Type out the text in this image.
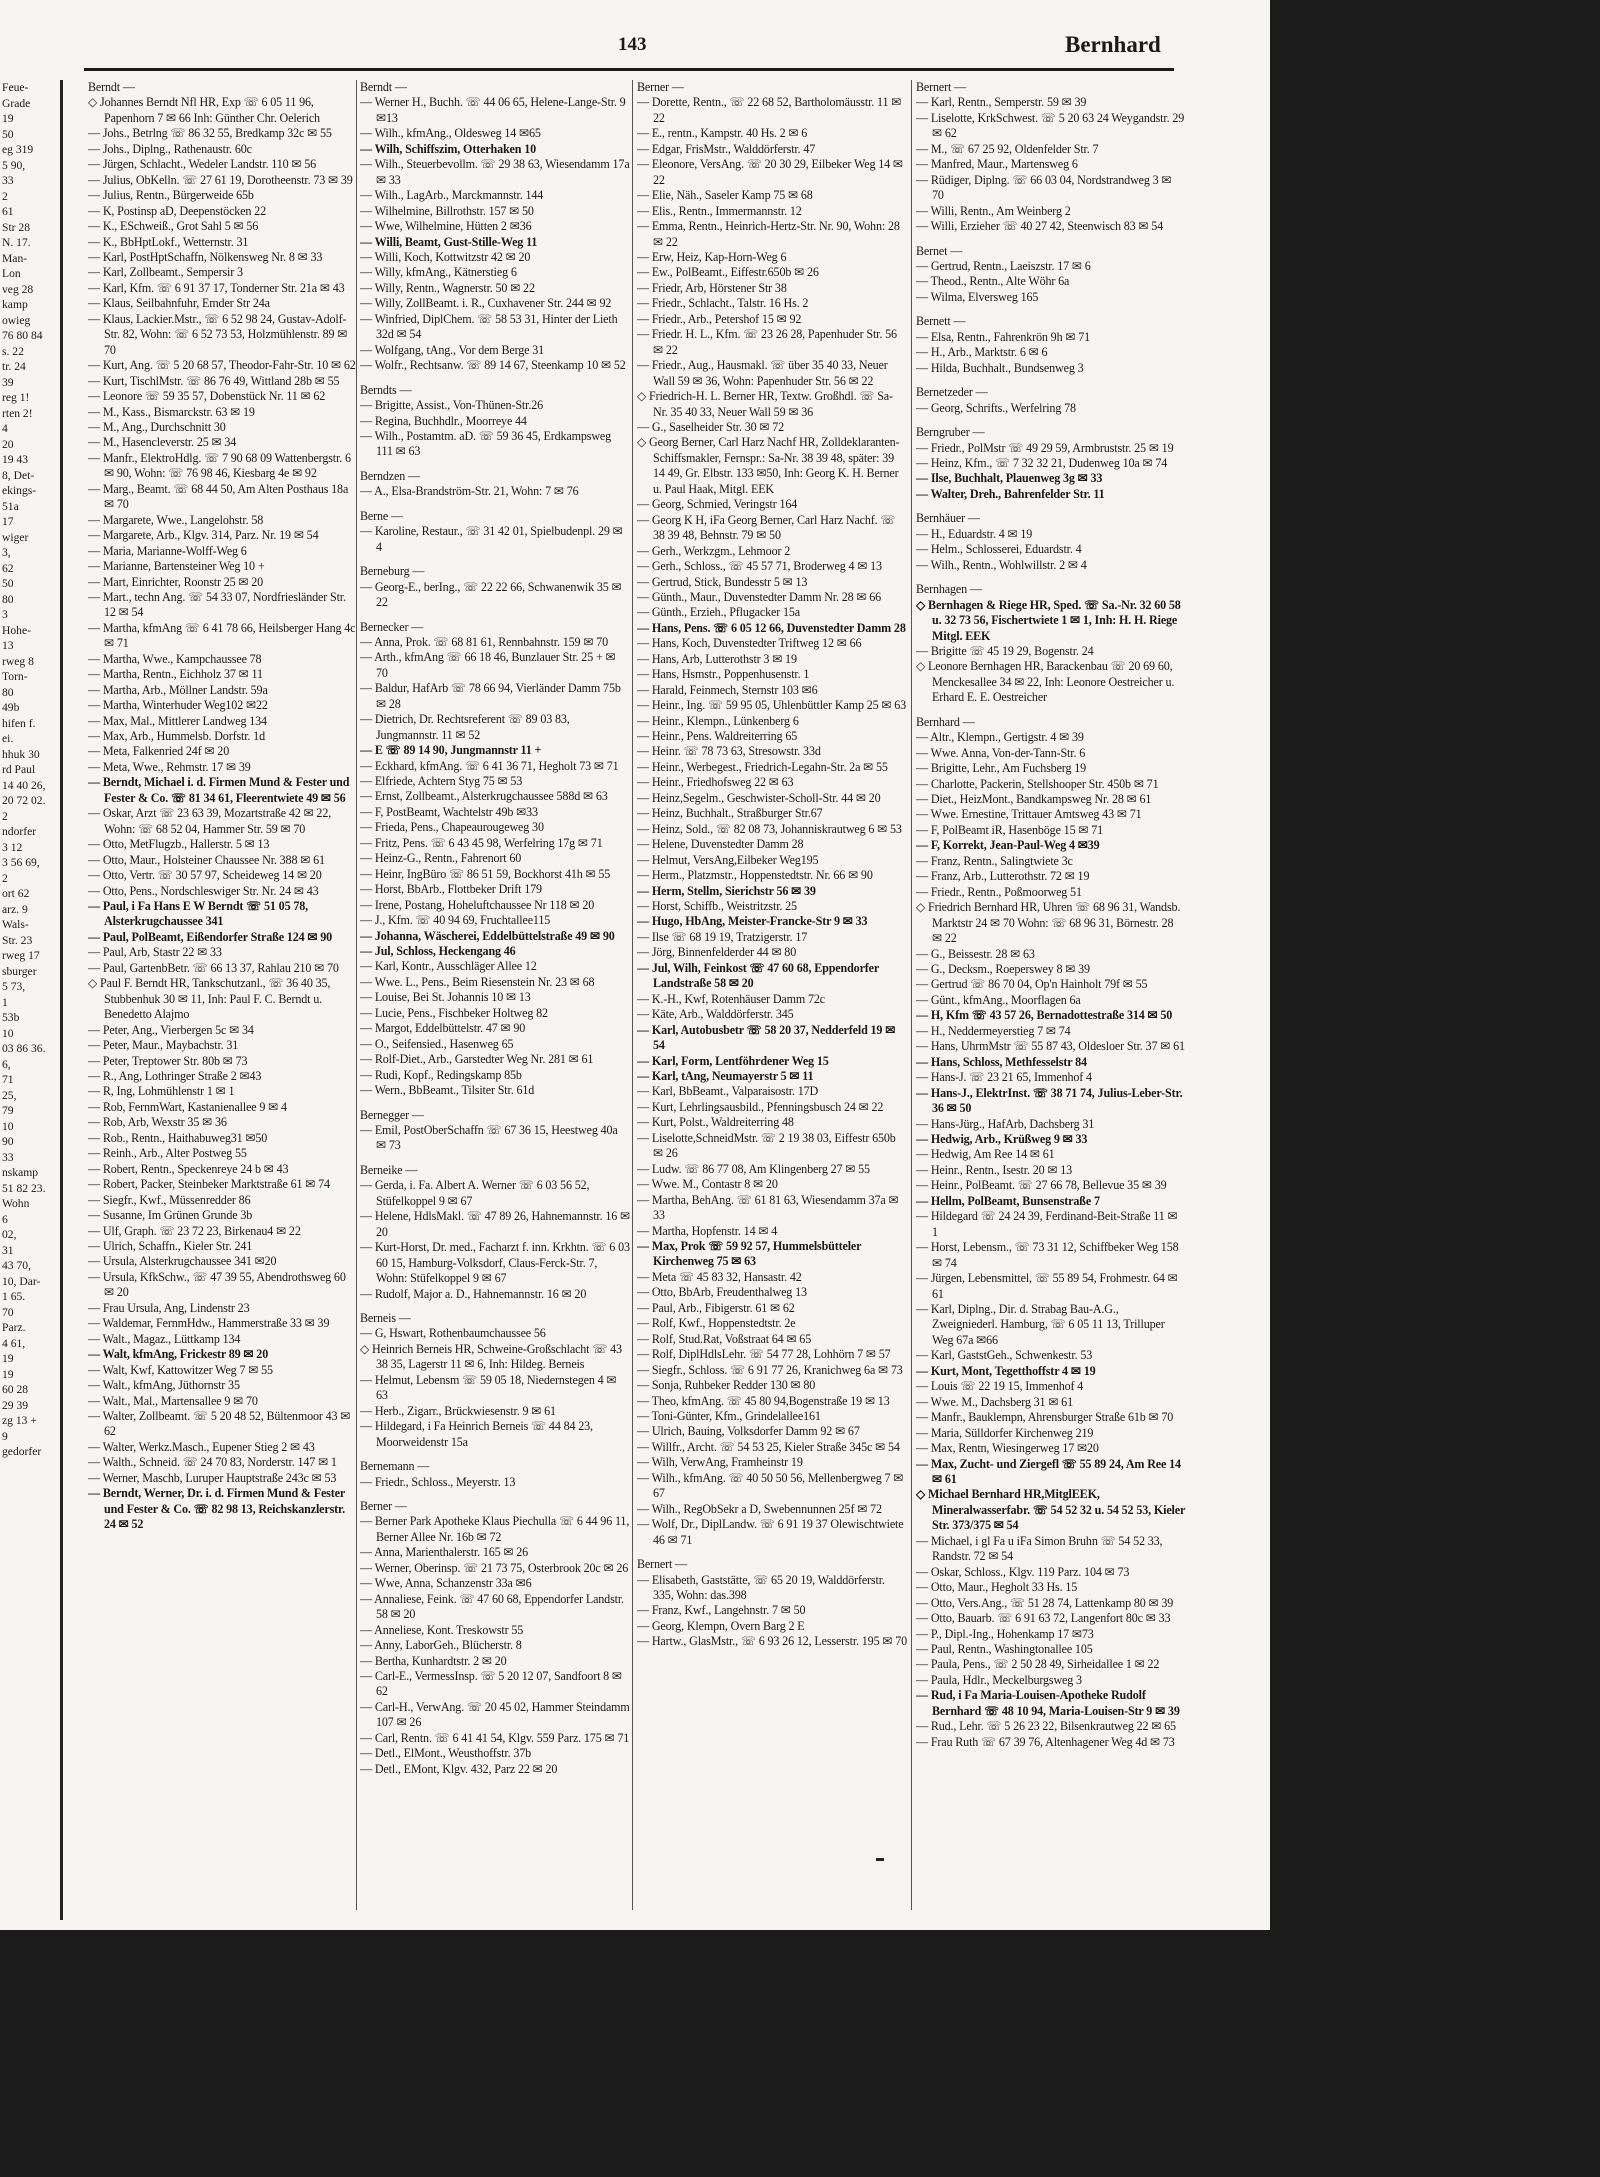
Feue-
Grade
19
50
eg 319
5 90,
33
2
61
Str 28
N. 17.
Man-
Lon
veg 28
kamp
owieg
76 80 84
s. 22
tr. 24
39
reg 1!
rten 2!
4
20
19 43
8, Det-
ekings-
51a
17
wiger
3,
62
50
80
3
Hohe-
13
rweg 8
Torn-
80
49b
hifen f.
ei.
hhuk 30
rd Paul
14 40 26,
20 72 02.
2
ndorfer
3 12
3 56 69,
2
ort 62
arz. 9
Wals-
Str. 23
rweg 17
sburger
5 73,
1
53b
10
03 86 36.
6,
71
25,
79
10
90
33
nskamp
51 82 23.
Wohn
6
02,
31
43 70,
10, Dar-
1 65.
70
Parz.
4 61,
19
19
60 28
29 39
zg 13 +
9
gedorfer
143	Bernhard
Berndt —
◇ Johannes Berndt Nfl HR, Exp ☏ 6 05 11 96, Papenhorn 7 ✉ 66 Inh: Günther Chr. Oelerich
— Johs., Betrlng ☏ 86 32 55, Bredkamp 32c ✉ 55
— Johs., Diplng., Rathenaustr. 60c
— Jürgen, Schlacht., Wedeler Landstr. 110 ✉ 56
— Julius, ObKelln. ☏ 27 61 19, Dorotheenstr. 73 ✉ 39
— Julius, Rentn., Bürgerweide 65b
— K, Postinsp aD, Deepenstöcken 22
— K., ESchweiß., Grot Sahl 5 ✉ 56
— K., BbHptLokf., Wetternstr. 31
— Karl, PostHptSchaffn, Nölkensweg Nr. 8 ✉ 33
— Karl, Zollbeamt., Sempersir 3
— Karl, Kfm. ☏ 6 91 37 17, Tonderner Str. 21a ✉ 43
— Klaus, Seilbahnfuhr, Emder Str 24a
— Klaus, Lackier.Mstr., ☏ 6 52 98 24, Gustav-Adolf-Str. 82, Wohn: ☏ 6 52 73 53, Holzmühlenstr. 89 ✉ 70
— Kurt, Ang. ☏ 5 20 68 57, Theodor-Fahr-Str. 10 ✉ 62
— Kurt, TischlMstr. ☏ 86 76 49, Wittland 28b ✉ 55
— Leonore ☏ 59 35 57, Dobenstück Nr. 11 ✉ 62
— M., Kass., Bismarckstr. 63 ✉ 19
— M., Ang., Durchschnitt 30
— M., Hasencleverstr. 25 ✉ 34
— Manfr., ElektroHdlg. ☏ 7 90 68 09 Wattenbergstr. 6 ✉ 90, Wohn: ☏ 76 98 46, Kiesbarg 4e ✉ 92
— Marg., Beamt. ☏ 68 44 50, Am Alten Posthaus 18a ✉ 70
— Margarete, Wwe., Langelohstr. 58
— Margarete, Arb., Klgv. 314, Parz. Nr. 19 ✉ 54
— Maria, Marianne-Wolff-Weg 6
— Marianne, Bartensteiner Weg 10 +
— Mart, Einrichter, Roonstr 25 ✉ 20
— Mart., techn Ang. ☏ 54 33 07, Nordfriesländer Str. 12 ✉ 54
— Martha, kfmAng ☏ 6 41 78 66, Heilsberger Hang 4c ✉ 71
— Martha, Wwe., Kampchaussee 78
— Martha, Rentn., Eichholz 37 ✉ 11
— Martha, Arb., Möllner Landstr. 59a
— Martha, Winterhuder Weg102 ✉22
— Max, Mal., Mittlerer Landweg 134
— Max, Arb., Hummelsb. Dorfstr. 1d
— Meta, Falkenried 24f ✉ 20
— Meta, Wwe., Rehmstr. 17 ✉ 39
— Berndt, Michael i. d. Firmen Mund & Fester und Fester & Co. ☏ 81 34 61, Fleerentwiete 49 ✉ 56
— Oskar, Arzt ☏ 23 63 39, Mozartstraße 42 ✉ 22, Wohn: ☏ 68 52 04, Hammer Str. 59 ✉ 70
— Otto, MetFlugzb., Hallerstr. 5 ✉ 13
— Otto, Maur., Holsteiner Chaussee Nr. 388 ✉ 61
— Otto, Vertr. ☏ 30 57 97, Scheideweg 14 ✉ 20
— Otto, Pens., Nordschleswiger Str. Nr. 24 ✉ 43
— Paul, i Fa Hans E W Berndt ☏ 51 05 78, Alsterkrugchaussee 341
— Paul, PolBeamt, Eißendorfer Straße 124 ✉ 90
— Paul, Arb, Stastr 22 ✉ 33
— Paul, GartenbBetr. ☏ 66 13 37, Rahlau 210 ✉ 70
◇ Paul F. Berndt HR, Tankschutzanl., ☏ 36 40 35, Stubbenhuk 30 ✉ 11, Inh: Paul F. C. Berndt u. Benedetto Alajmo
— Peter, Ang., Vierbergen 5c ✉ 34
— Peter, Maur., Maybachstr. 31
— Peter, Treptower Str. 80b ✉ 73
— R., Ang, Lothringer Straße 2 ✉43
— R, Ing, Lohmühlenstr 1 ✉ 1
— Rob, FernmWart, Kastanienallee 9 ✉ 4
— Rob, Arb, Wexstr 35 ✉ 36
— Rob., Rentn., Haithabuweg31 ✉50
— Reinh., Arb., Alter Postweg 55
— Robert, Rentn., Speckenreye 24 b ✉ 43
— Robert, Packer, Steinbeker Marktstraße 61 ✉ 74
— Siegfr., Kwf., Müssenredder 86
— Susanne, Im Grünen Grunde 3b
— Ulf, Graph. ☏ 23 72 23, Birkenau4 ✉ 22
— Ulrich, Schaffn., Kieler Str. 241
— Ursula, Alsterkrugchaussee 341 ✉20
— Ursula, KfkSchw., ☏ 47 39 55, Abendrothsweg 60 ✉ 20
— Frau Ursula, Ang, Lindenstr 23
— Waldemar, FernmHdw., Hammerstraße 33 ✉ 39
— Walt., Magaz., Lüttkamp 134
— Walt, kfmAng, Frickestr 89 ✉ 20
— Walt, Kwf, Kattowitzer Weg 7 ✉ 55
— Walt., kfmAng, Jüthornstr 35
— Walt., Mal., Martensallee 9 ✉ 70
— Walter, Zollbeamt. ☏ 5 20 48 52, Bültenmoor 43 ✉ 62
— Walter, Werkz.Masch., Eupener Stieg 2 ✉ 43
— Walth., Schneid. ☏ 24 70 83, Norderstr. 147 ✉ 1
— Werner, Maschb, Luruper Hauptstraße 243c ✉ 53
— Berndt, Werner, Dr. i. d. Firmen Mund & Fester und Fester & Co. ☏ 82 98 13, Reichskanzlerstr. 24 ✉ 52
Berndt —
— Werner H., Buchh. ☏ 44 06 65, Helene-Lange-Str. 9 ✉13
— Wilh., kfmAng., Oldesweg 14 ✉65
— Wilh, Schiffszim, Otterhaken 10
— Wilh., Steuerbevollm. ☏ 29 38 63, Wiesendamm 17a ✉ 33
— Wilh., LagArb., Marckmannstr. 144
— Wilhelmine, Billrothstr. 157 ✉ 50
— Wwe, Wilhelmine, Hütten 2 ✉36
— Willi, Beamt, Gust-Stille-Weg 11
— Willi, Koch, Kottwitzstr 42 ✉ 20
— Willy, kfmAng., Kätnerstieg 6
— Willy, Rentn., Wagnerstr. 50 ✉ 22
— Willy, ZollBeamt. i. R., Cuxhavener Str. 244 ✉ 92
— Winfried, DiplChem. ☏ 58 53 31, Hinter der Lieth 32d ✉ 54
— Wolfgang, tAng., Vor dem Berge 31
— Wolfr., Rechtsanw. ☏ 89 14 67, Steenkamp 10 ✉ 52
Berndts —
— Brigitte, Assist., Von-Thünen-Str.26
— Regina, Buchhdlr., Moorreye 44
— Wilh., Postamtm. aD. ☏ 59 36 45, Erdkampsweg 111 ✉ 63
Berndzen —
— A., Elsa-Brandström-Str. 21, Wohn: 7 ✉ 76
Berne —
— Karoline, Restaur., ☏ 31 42 01, Spielbudenpl. 29 ✉ 4
Berneburg —
— Georg-E., berIng., ☏ 22 22 66, Schwanenwik 35 ✉ 22
Bernecker —
— Anna, Prok. ☏ 68 81 61, Rennbahnstr. 159 ✉ 70
— Arth., kfmAng ☏ 66 18 46, Bunzlauer Str. 25 + ✉ 70
— Baldur, HafArb ☏ 78 66 94, Vierländer Damm 75b ✉ 28
— Dietrich, Dr. Rechtsreferent ☏ 89 03 83, Jungmannstr. 11 ✉ 52
— E ☏ 89 14 90, Jungmannstr 11 +
— Eckhard, kfmAng. ☏ 6 41 36 71, Hegholt 73 ✉ 71
— Elfriede, Achtern Styg 75 ✉ 53
— Ernst, Zollbeamt., Alsterkrugchaussee 588d ✉ 63
— F, PostBeamt, Wachtelstr 49b ✉33
— Frieda, Pens., Chapeaurougeweg 30
— Fritz, Pens. ☏ 6 43 45 98, Werfelring 17g ✉ 71
— Heinz-G., Rentn., Fahrenort 60
— Heinr, IngBüro ☏ 86 51 59, Bockhorst 41h ✉ 55
— Horst, BbArb., Flottbeker Drift 179
— Irene, Postang, Hoheluftchaussee Nr 118 ✉ 20
— J., Kfm. ☏ 40 94 69, Fruchtallee115
— Johanna, Wäscherei, Eddelbüttelstraße 49 ✉ 90
— Jul, Schloss, Heckengang 46
— Karl, Kontr., Ausschläger Allee 12
— Wwe. L., Pens., Beim Riesenstein Nr. 23 ✉ 68
— Louise, Bei St. Johannis 10 ✉ 13
— Lucie, Pens., Fischbeker Holtweg 82
— Margot, Eddelbüttelstr. 47 ✉ 90
— O., Seifensied., Hasenweg 65
— Rolf-Diet., Arb., Garstedter Weg Nr. 281 ✉ 61
— Rudi, Kopf., Redingskamp 85b
— Wern., BbBeamt., Tilsiter Str. 61d
Bernegger —
— Emil, PostOberSchaffn ☏ 67 36 15, Heestweg 40a ✉ 73
Berneike —
— Gerda, i. Fa. Albert A. Werner ☏ 6 03 56 52, Stüfelkoppel 9 ✉ 67
— Helene, HdlsMakl. ☏ 47 89 26, Hahnemannstr. 16 ✉ 20
— Kurt-Horst, Dr. med., Facharzt f. inn. Krkhtn. ☏ 6 03 60 15, Hamburg-Volksdorf, Claus-Ferck-Str. 7, Wohn: Stüfelkoppel 9 ✉ 67
— Rudolf, Major a. D., Hahnemannstr. 16 ✉ 20
Berneis —
— G, Hswart, Rothenbaumchaussee 56
◇ Heinrich Berneis HR, Schweine-Großschlacht ☏ 43 38 35, Lagerstr 11 ✉ 6, Inh: Hildeg. Berneis
— Helmut, Lebensm ☏ 59 05 18, Niedernstegen 4 ✉ 63
— Herb., Zigarr., Brückwiesenstr. 9 ✉ 61
— Hildegard, i Fa Heinrich Berneis ☏ 44 84 23, Moorweidenstr 15a
Bernemann —
— Friedr., Schloss., Meyerstr. 13
Berner —
— Berner Park Apotheke Klaus Piechulla ☏ 6 44 96 11, Berner Allee Nr. 16b ✉ 72
— Anna, Marienthalerstr. 165 ✉ 26
— Werner, Oberinsp. ☏ 21 73 75, Osterbrook 20c ✉ 26
— Wwe, Anna, Schanzenstr 33a ✉6
— Annaliese, Feink. ☏ 47 60 68, Eppendorfer Landstr. 58 ✉ 20
— Anneliese, Kont. Treskowstr 55
— Anny, LaborGeh., Blücherstr. 8
— Bertha, Kunhardtstr. 2 ✉ 20
— Carl-E., VermessInsp. ☏ 5 20 12 07, Sandfoort 8 ✉ 62
— Carl-H., VerwAng. ☏ 20 45 02, Hammer Steindamm 107 ✉ 26
— Carl, Rentn. ☏ 6 41 41 54, Klgv. 559 Parz. 175 ✉ 71
— Detl., ElMont., Weusthoffstr. 37b
— Detl., EMont, Klgv. 432, Parz 22 ✉ 20
Berner —
— Dorette, Rentn., ☏ 22 68 52, Bartholomäusstr. 11 ✉ 22
— E., rentn., Kampstr. 40 Hs. 2 ✉ 6
— Edgar, FrisMstr., Walddörferstr. 47
— Eleonore, VersAng. ☏ 20 30 29, Eilbeker Weg 14 ✉ 22
— Elie, Näh., Saseler Kamp 75 ✉ 68
— Elis., Rentn., Immermannstr. 12
— Emma, Rentn., Heinrich-Hertz-Str. Nr. 90, Wohn: 28 ✉ 22
— Erw, Heiz, Kap-Horn-Weg 6
— Ew., PolBeamt., Eiffestr.650b ✉ 26
— Friedr, Arb, Hörstener Str 38
— Friedr., Schlacht., Talstr. 16 Hs. 2
— Friedr., Arb., Petershof 15 ✉ 92
— Friedr. H. L., Kfm. ☏ 23 26 28, Papenhuder Str. 56 ✉ 22
— Friedr., Aug., Hausmakl. ☏ über 35 40 33, Neuer Wall 59 ✉ 36, Wohn: Papenhuder Str. 56 ✉ 22
◇ Friedrich-H. L. Berner HR, Textw. Großhdl. ☏ Sa-Nr. 35 40 33, Neuer Wall 59 ✉ 36
— G., Saselheider Str. 30 ✉ 72
◇ Georg Berner, Carl Harz Nachf HR, Zolldeklaranten-Schiffsmakler, Fernspr.: Sa-Nr. 38 39 48, später: 39 14 49, Gr. Elbstr. 133 ✉50, Inh: Georg K. H. Berner u. Paul Haak, Mitgl. EEK
— Georg, Schmied, Veringstr 164
— Georg K H, iFa Georg Berner, Carl Harz Nachf. ☏ 38 39 48, Behnstr. 79 ✉ 50
— Gerh., Werkzgm., Lehmoor 2
— Gerh., Schloss., ☏ 45 57 71, Broderweg 4 ✉ 13
— Gertrud, Stick, Bundesstr 5 ✉ 13
— Günth., Maur., Duvenstedter Damm Nr. 28 ✉ 66
— Günth., Erzieh., Pflugacker 15a
— Hans, Pens. ☏ 6 05 12 66, Duvenstedter Damm 28
— Hans, Koch, Duvenstedter Triftweg 12 ✉ 66
— Hans, Arb, Lutterothstr 3 ✉ 19
— Hans, Hsmstr., Poppenhusenstr. 1
— Harald, Feinmech, Sternstr 103 ✉6
— Heinr., Ing. ☏ 59 95 05, Uhlenbüttler Kamp 25 ✉ 63
— Heinr., Klempn., Lünkenberg 6
— Heinr., Pens. Waldreiterring 65
— Heinr. ☏ 78 73 63, Stresowstr. 33d
— Heinr., Werbegest., Friedrich-Legahn-Str. 2a ✉ 55
— Heinr., Friedhofsweg 22 ✉ 63
— Heinz,Segelm., Geschwister-Scholl-Str. 44 ✉ 20
— Heinz, Buchhalt., Straßburger Str.67
— Heinz, Sold., ☏ 82 08 73, Johanniskrautweg 6 ✉ 53
— Helene, Duvenstedter Damm 28
— Helmut, VersAng,Eilbeker Weg195
— Herm., Platzmstr., Hoppenstedtstr. Nr. 66 ✉ 90
— Herm, Stellm, Sierichstr 56 ✉ 39
— Horst, Schiffb., Weistritzstr. 25
— Hugo, HbAng, Meister-Francke-Str 9 ✉ 33
— Ilse ☏ 68 19 19, Tratzigerstr. 17
— Jörg, Binnenfelderder 44 ✉ 80
— Jul, Wilh, Feinkost ☏ 47 60 68, Eppendorfer Landstraße 58 ✉ 20
— K.-H., Kwf, Rotenhäuser Damm 72c
— Käte, Arb., Walddörferstr. 345
— Karl, Autobusbetr ☏ 58 20 37, Nedderfeld 19 ✉ 54
— Karl, Form, Lentföhrdener Weg 15
— Karl, tAng, Neumayerstr 5 ✉ 11
— Karl, BbBeamt., Valparaisostr. 17D
— Kurt, Lehrlingsausbild., Pfenningsbusch 24 ✉ 22
— Kurt, Polst., Waldreiterring 48
— Liselotte,SchneidMstr. ☏ 2 19 38 03, Eiffestr 650b ✉ 26
— Ludw. ☏ 86 77 08, Am Klingenberg 27 ✉ 55
— Wwe. M., Contastr 8 ✉ 20
— Martha, BehAng. ☏ 61 81 63, Wiesendamm 37a ✉ 33
— Martha, Hopfenstr. 14 ✉ 4
— Max, Prok ☏ 59 92 57, Hummelsbütteler Kirchenweg 75 ✉ 63
— Meta ☏ 45 83 32, Hansastr. 42
— Otto, BbArb, Freudenthalweg 13
— Paul, Arb., Fibigerstr. 61 ✉ 62
— Rolf, Kwf., Hoppenstedtstr. 2e
— Rolf, Stud.Rat, Voßstraat 64 ✉ 65
— Rolf, DiplHdlsLehr. ☏ 54 77 28, Lohhörn 7 ✉ 57
— Siegfr., Schloss. ☏ 6 91 77 26, Kranichweg 6a ✉ 73
— Sonja, Ruhbeker Redder 130 ✉ 80
— Theo, kfmAng. ☏ 45 80 94,Bogenstraße 19 ✉ 13
— Toni-Günter, Kfm., Grindelallee161
— Ulrich, Bauing, Volksdorfer Damm 92 ✉ 67
— Willfr., Archt. ☏ 54 53 25, Kieler Straße 345c ✉ 54
— Wilh, VerwAng, Framheinstr 19
— Wilh., kfmAng. ☏ 40 50 50 56, Mellenbergweg 7 ✉ 67
— Wilh., RegObSekr a D, Swebennunnen 25f ✉ 72
— Wolf, Dr., DiplLandw. ☏ 6 91 19 37 Olewischtwiete 46 ✉ 71
Bernert —
— Elisabeth, Gaststätte, ☏ 65 20 19, Walddörferstr. 335, Wohn: das.398
— Franz, Kwf., Langehnstr. 7 ✉ 50
— Georg, Klempn, Overn Barg 2 E
— Hartw., GlasMstr., ☏ 6 93 26 12, Lesserstr. 195 ✉ 70
Bernert —
— Karl, Rentn., Semperstr. 59 ✉ 39
— Liselotte, KrkSchwest. ☏ 5 20 63 24 Weygandstr. 29 ✉ 62
— M., ☏ 67 25 92, Oldenfelder Str. 7
— Manfred, Maur., Martensweg 6
— Rüdiger, Diplng. ☏ 66 03 04, Nordstrandweg 3 ✉ 70
— Willi, Rentn., Am Weinberg 2
— Willi, Erzieher ☏ 40 27 42, Steenwisch 83 ✉ 54
Bernet —
— Gertrud, Rentn., Laeiszstr. 17 ✉ 6
— Theod., Rentn., Alte Wöhr 6a
— Wilma, Elversweg 165
Bernett —
— Elsa, Rentn., Fahrenkrön 9h ✉ 71
— H., Arb., Marktstr. 6 ✉ 6
— Hilda, Buchhalt., Bundsenweg 3
Bernetzeder —
— Georg, Schrifts., Werfelring 78
Berngruber —
— Friedr., PolMstr ☏ 49 29 59, Armbruststr. 25 ✉ 19
— Heinz, Kfm., ☏ 7 32 32 21, Dudenweg 10a ✉ 74
— Ilse, Buchhalt, Plauenweg 3g ✉ 33
— Walter, Dreh., Bahrenfelder Str. 11
Bernhäuer —
— H., Eduardstr. 4 ✉ 19
— Helm., Schlosserei, Eduardstr. 4
— Wilh., Rentn., Wohlwillstr. 2 ✉ 4
Bernhagen —
◇ Bernhagen & Riege HR, Sped. ☏ Sa.-Nr. 32 60 58 u. 32 73 56, Fischertwiete 1 ✉ 1, Inh: H. H. Riege Mitgl. EEK
— Brigitte ☏ 45 19 29, Bogenstr. 24
◇ Leonore Bernhagen HR, Barackenbau ☏ 20 69 60, Menckesallee 34 ✉ 22, Inh: Leonore Oestreicher u. Erhard E. E. Oestreicher
Bernhard —
— Altr., Klempn., Gertigstr. 4 ✉ 39
— Wwe. Anna, Von-der-Tann-Str. 6
— Brigitte, Lehr., Am Fuchsberg 19
— Charlotte, Packerin, Stellshooper Str. 450b ✉ 71
— Diet., HeizMont., Bandkampsweg Nr. 28 ✉ 61
— Wwe. Ernestine, Trittauer Amtsweg 43 ✉ 71
— F, PolBeamt iR, Hasenböge 15 ✉ 71
— F, Korrekt, Jean-Paul-Weg 4 ✉39
— Franz, Rentn., Salingtwiete 3c
— Franz, Arb., Lutterothstr. 72 ✉ 19
— Friedr., Rentn., Poßmoorweg 51
◇ Friedrich Bernhard HR, Uhren ☏ 68 96 31, Wandsb. Marktstr 24 ✉ 70 Wohn: ☏ 68 96 31, Börnestr. 28 ✉ 22
— G., Beissestr. 28 ✉ 63
— G., Decksm., Roeperswey 8 ✉ 39
— Gertrud ☏ 86 70 04, Op'n Hainholt 79f ✉ 55
— Günt., kfmAng., Moorflagen 6a
— H, Kfm ☏ 43 57 26, Bernadottestraße 314 ✉ 50
— H., Neddermeyerstieg 7 ✉ 74
— Hans, UhrmMstr ☏ 55 87 43, Oldesloer Str. 37 ✉ 61
— Hans, Schloss, Methfesselstr 84
— Hans-J. ☏ 23 21 65, Immenhof 4
— Hans-J., ElektrInst. ☏ 38 71 74, Julius-Leber-Str. 36 ✉ 50
— Hans-Jürg., HafArb, Dachsberg 31
— Hedwig, Arb., Krüßweg 9 ✉ 33
— Hedwig, Am Ree 14 ✉ 61
— Heinr., Rentn., Isestr. 20 ✉ 13
— Heinr., PolBeamt. ☏ 27 66 78, Bellevue 35 ✉ 39
— Hellm, PolBeamt, Bunsenstraße 7
— Hildegard ☏ 24 24 39, Ferdinand-Beit-Straße 11 ✉ 1
— Horst, Lebensm., ☏ 73 31 12, Schiffbeker Weg 158 ✉ 74
— Jürgen, Lebensmittel, ☏ 55 89 54, Frohmestr. 64 ✉ 61
— Karl, Diplng., Dir. d. Strabag Bau-A.G., Zweigniederl. Hamburg, ☏ 6 05 11 13, Trilluper Weg 67a ✉66
— Karl, GaststGeh., Schwenkestr. 53
— Kurt, Mont, Tegetthoffstr 4 ✉ 19
— Louis ☏ 22 19 15, Immenhof 4
— Wwe. M., Dachsberg 31 ✉ 61
— Manfr., Bauklempn, Ahrensburger Straße 61b ✉ 70
— Maria, Sülldorfer Kirchenweg 219
— Max, Rentn, Wiesingerweg 17 ✉20
— Max, Zucht- und Ziergefl ☏ 55 89 24, Am Ree 14 ✉ 61
◇ Michael Bernhard HR,MitglEEK, Mineralwasserfabr. ☏ 54 52 32 u. 54 52 53, Kieler Str. 373/375 ✉ 54
— Michael, i gl Fa u iFa Simon Bruhn ☏ 54 52 33, Randstr. 72 ✉ 54
— Oskar, Schloss., Klgv. 119 Parz. 104 ✉ 73
— Otto, Maur., Hegholt 33 Hs. 15
— Otto, Vers.Ang., ☏ 51 28 74, Lattenkamp 80 ✉ 39
— Otto, Bauarb. ☏ 6 91 63 72, Langenfort 80c ✉ 33
— P., Dipl.-Ing., Hohenkamp 17 ✉73
— Paul, Rentn., Washingtonallee 105
— Paula, Pens., ☏ 2 50 28 49, Sirheidallee 1 ✉ 22
— Paula, Hdlr., Meckelburgsweg 3
— Rud, i Fa Maria-Louisen-Apotheke Rudolf Bernhard ☏ 48 10 94, Maria-Louisen-Str 9 ✉ 39
— Rud., Lehr. ☏ 5 26 23 22, Bilsenkrautweg 22 ✉ 65
— Frau Ruth ☏ 67 39 76, Altenhagener Weg 4d ✉ 73
